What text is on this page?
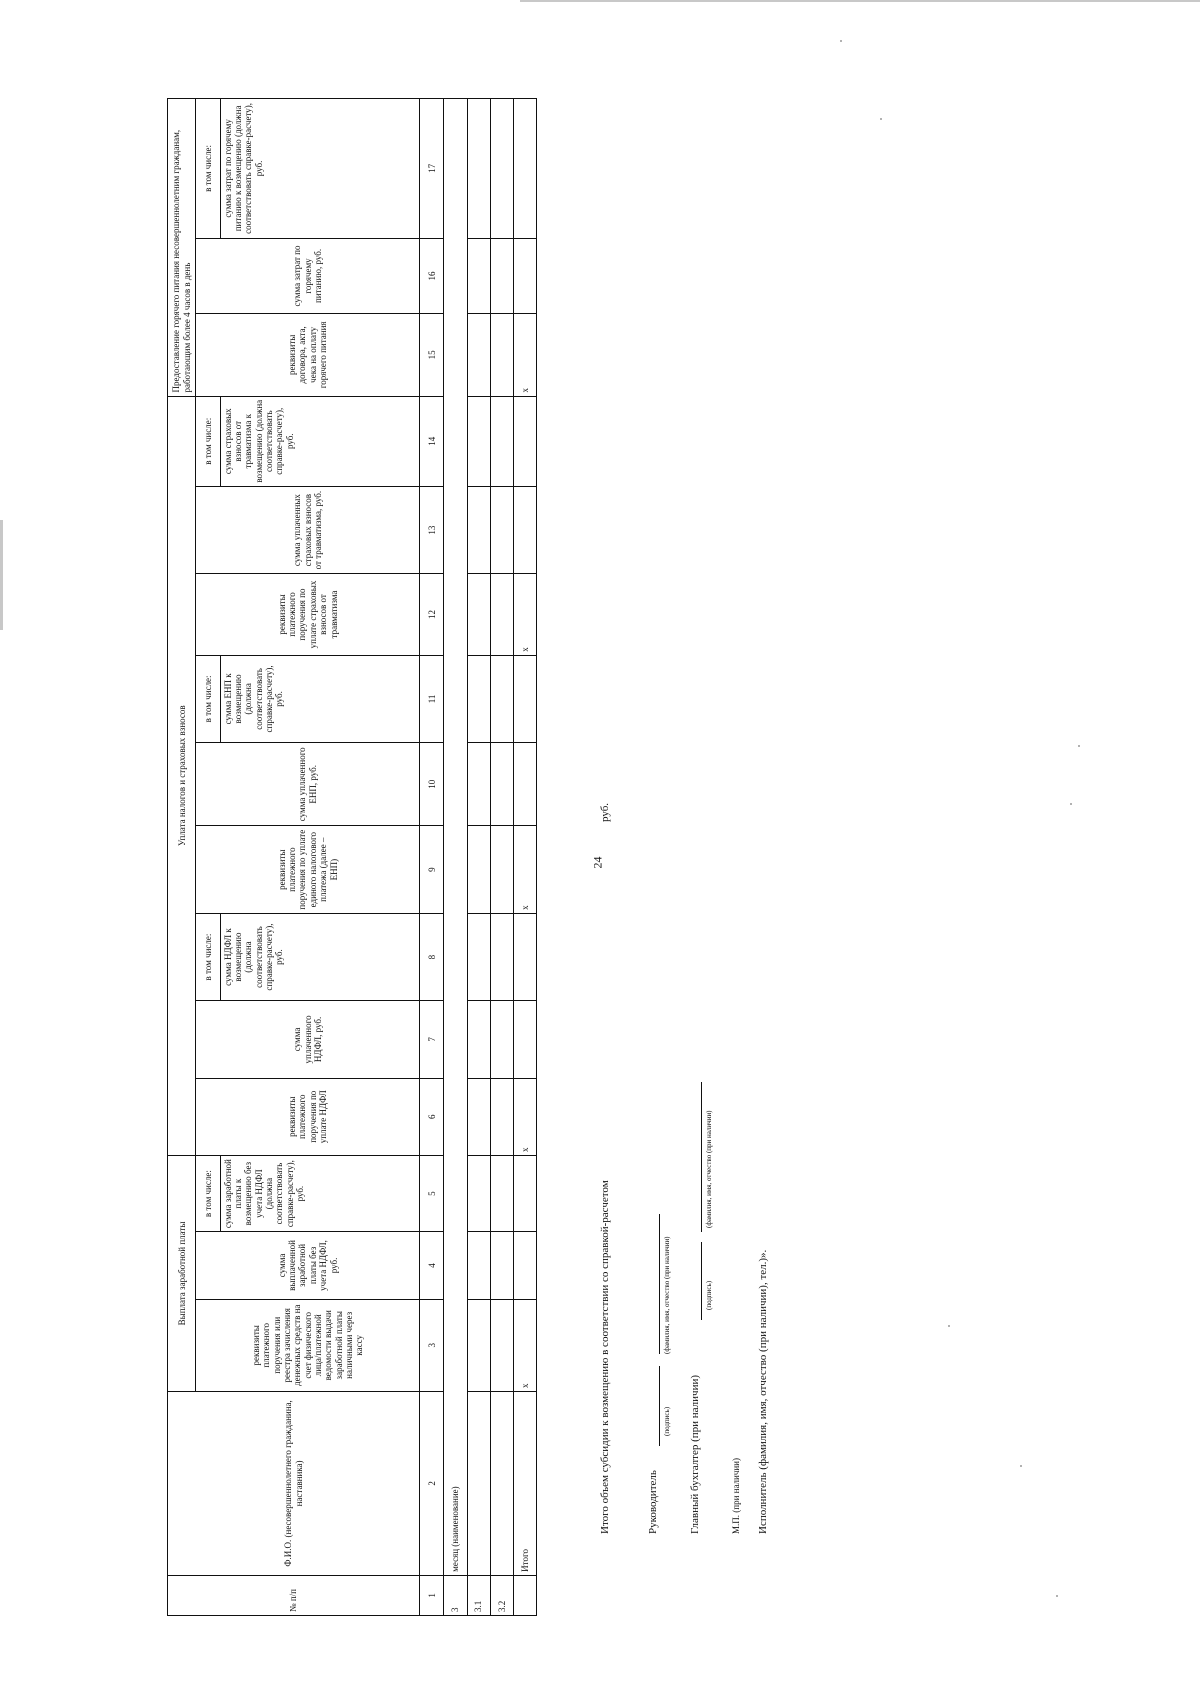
24
№ п/п	Ф.И.О. (несовершеннолетнего гражданина, наставника)	Выплата заработной платы			Уплата налогов и страховых взносов									Предоставление горячего питания несовершеннолетним гражданам, работающим более 4 часов в день		
		реквизиты платежного поручения или реестра зачисления денежных средств на счет физического лица/платежной ведомости выдачи заработной платы наличными через кассу	сумма выплаченной заработной платы без учета НДФЛ, руб.	в том числе:	реквизиты платежного поручения по уплате НДФЛ	сумма уплаченного НДФЛ, руб.	в том числе:	реквизиты платежного поручения по уплате единого налогового платежа (далее – ЕНП)	сумма уплаченного ЕНП, руб.	в том числе:	реквизиты платежного поручения по уплате страховых взносов от травматизма	сумма уплаченных страховых взносов от травматизма, руб.	в том числе:	реквизиты договора, акта, чека на оплату горячего питания	сумма затрат по горячему питанию, руб.	в том числе:
				сумма заработной платы к возмещению без учета НДФЛ (должна соответствовать справке-расчету), руб.			сумма НДФЛ к возмещению (должна соответствовать справке-расчету), руб.			сумма ЕНП к возмещению (должна соответствовать справке-расчету), руб.			сумма страховых взносов от травматизма к возмещению (должна соответствовать справке-расчету), руб.			сумма затрат по горячему питанию к возмещению (должна соответствовать справке-расчету), руб.
1	2	3	4	5	6	7	8	9	10	11	12	13	14	15	16	17
3	месяц (наименование)															
3.1																
3.2																
	Итого	х			х			х			х			х		
Итого объем субсидии к возмещению в соответствии со справкой-расчетом
руб.
Руководитель
(подпись)
(фамилия, имя, отчество (при наличии)
Главный бухгалтер (при наличии)
(подпись)
(фамилия, имя, отчество (при наличии)
М.П. (при наличии) Исполнитель (фамилия, имя, отчество (при наличии), тел.)».
